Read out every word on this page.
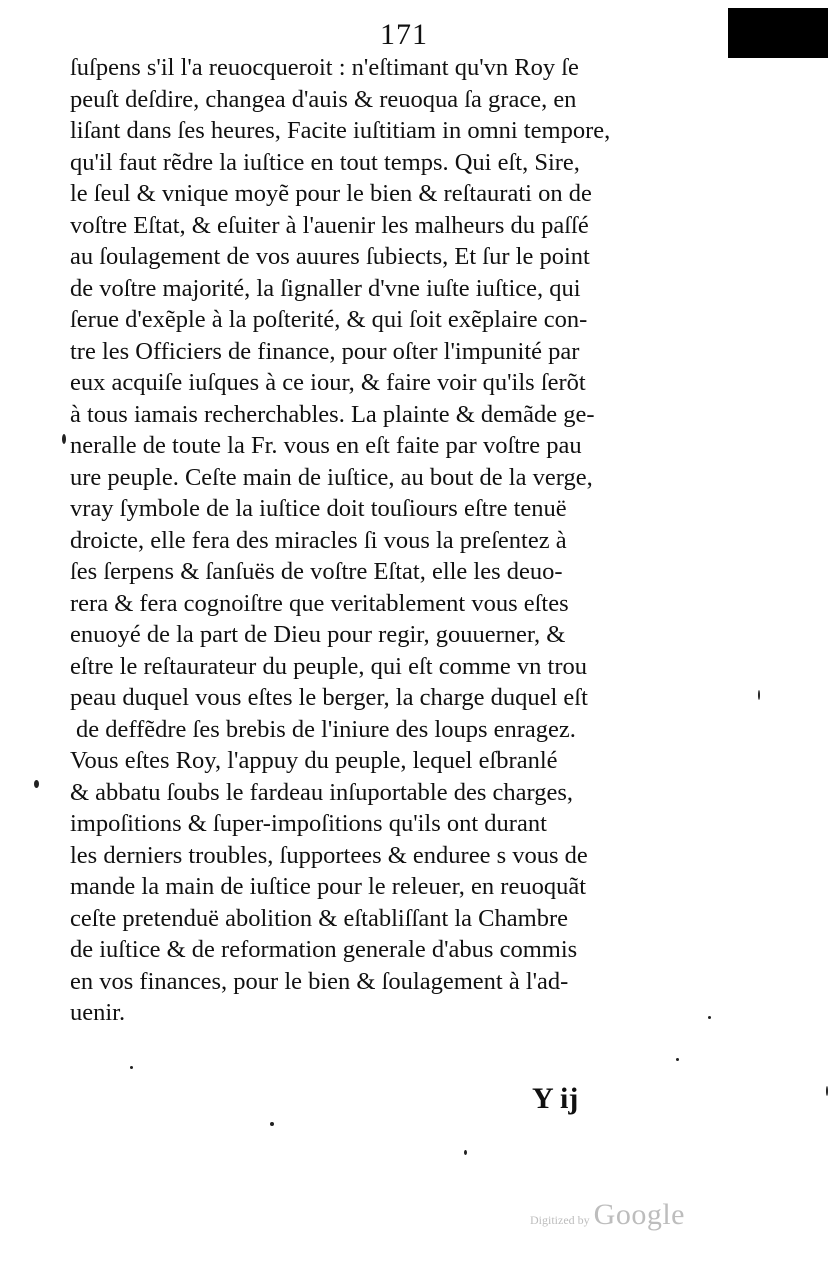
171
ſuſpens s'il l'a reuocqueroit : n'eſtimant qu'vn Roy ſe
peuſt deſdire, changea d'auis & reuoqua ſa grace, en
liſant dans ſes heures, Facite iuſtitiam in omni tempore,
qu'il faut rẽdre la iuſtice en tout temps. Qui eſt, Sire,
le ſeul & vnique moyẽ pour le bien & reſtaurati on de
voſtre Eſtat, & eſuiter à l'auenir les malheurs du paſſé
au ſoulagement de vos auures ſubiects, Et ſur le point
de voſtre majorité, la ſignaller d'vne iuſte iuſtice, qui
ſerue d'exẽple à la poſterité, & qui ſoit exẽplaire con-
tre les Officiers de finance, pour oſter l'impunité par
eux acquiſe iuſques à ce iour, & faire voir qu'ils ſerõt
à tous iamais recherchables. La plainte & demãde ge-
neralle de toute la Fr. vous en eſt faite par voſtre pau
ure peuple. Ceſte main de iuſtice, au bout de la verge,
vray ſymbole de la iuſtice doit touſiours eſtre tenuë
droicte, elle fera des miracles ſi vous la preſentez à
ſes ſerpens & ſanſuës de voſtre Eſtat, elle les deuo-
rera & fera cognoiſtre que veritablement vous eſtes
enuoyé de la part de Dieu pour regir, gouuerner, &
eſtre le reſtaurateur du peuple, qui eſt comme vn trou
peau duquel vous eſtes le berger, la charge duquel eſt
de deffẽdre ſes brebis de l'iniure des loups enragez.
Vous eſtes Roy, l'appuy du peuple, lequel eſbranlé
& abbatu ſoubs le fardeau inſuportable des charges,
impoſitions & ſuper-impoſitions qu'ils ont durant
les derniers troubles, ſupportees & enduree s vous de
mande la main de iuſtice pour le releuer, en reuoquãt
ceſte pretenduë abolition & eſtabliſſant la Chambre
de iuſtice & de reformation generale d'abus commis
en vos finances, pour le bien & ſoulagement à l'ad-
uenir.
Y ij
Digitized by Google
